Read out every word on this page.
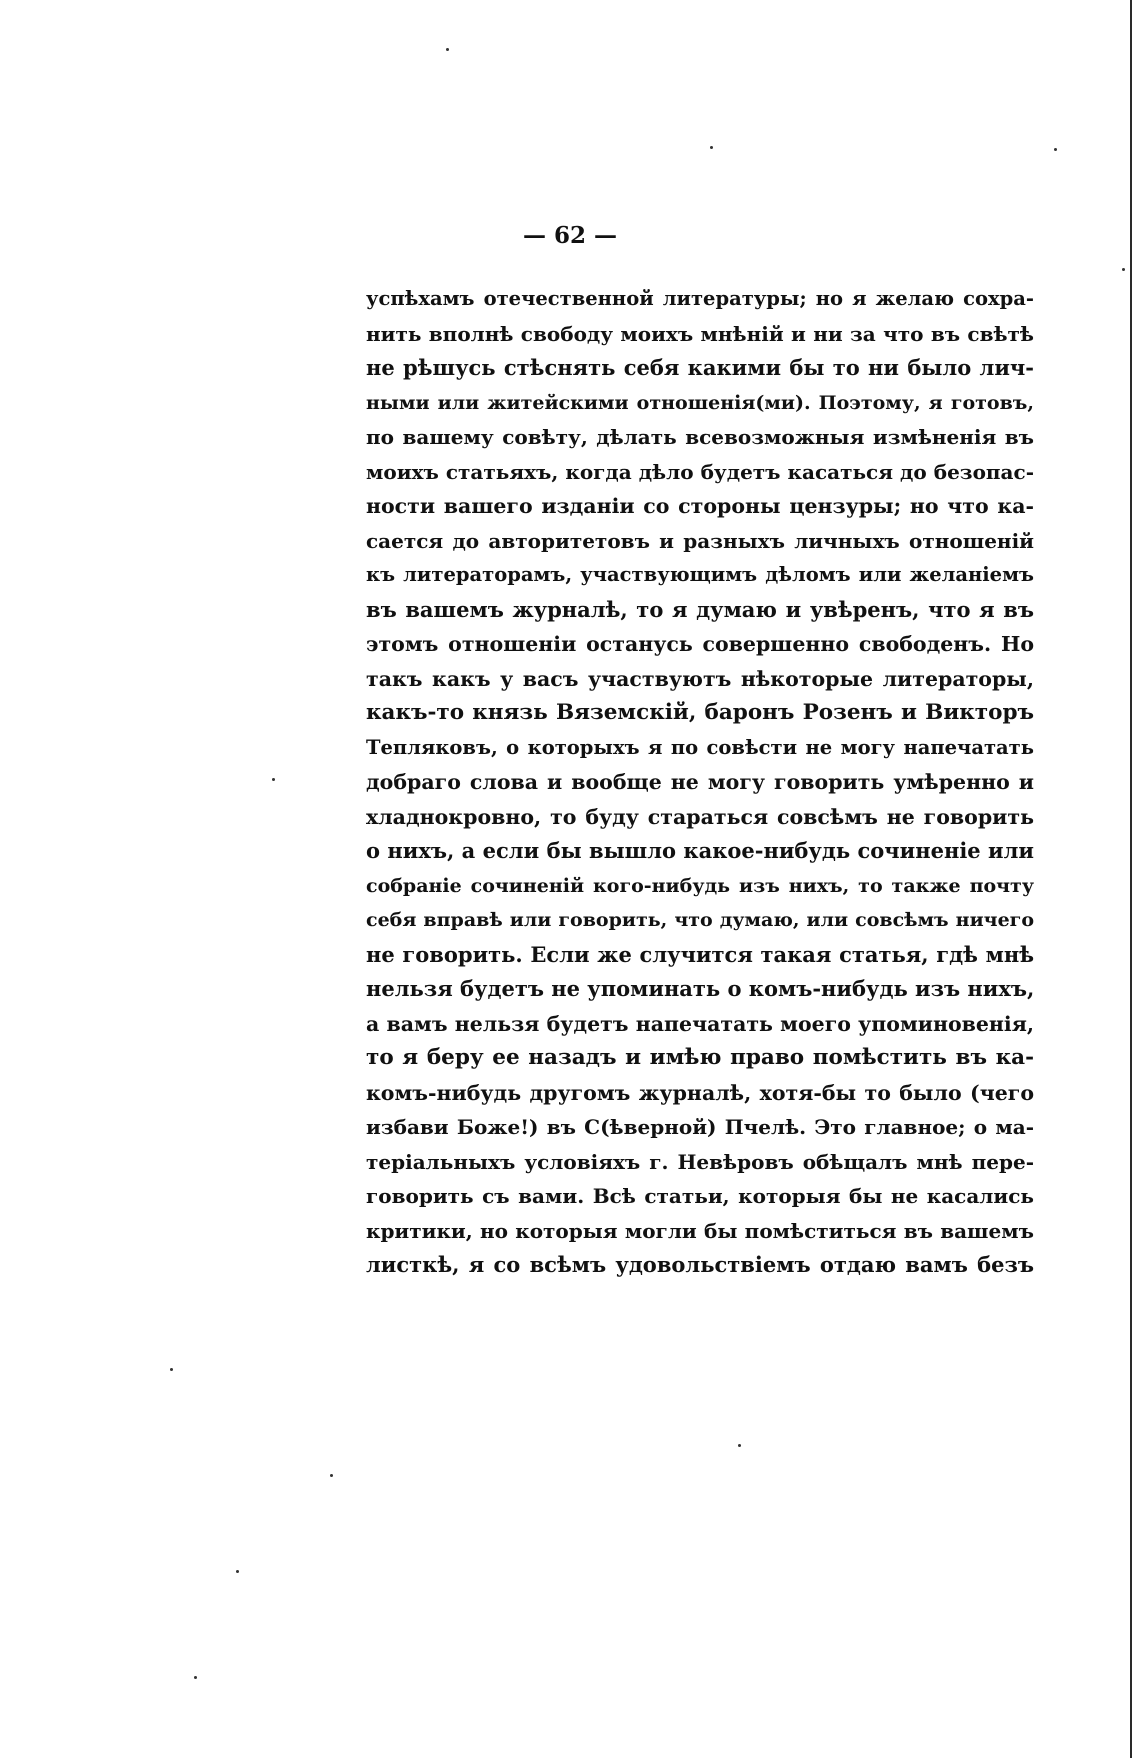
— 62 —
успѣхамъ отечественной литературы; но я желаю сохра-
нить вполнѣ свободу моихъ мнѣній и ни за что въ свѣтѣ
не рѣшусь стѣснять себя какими бы то ни было лич-
ными или житейскими отношенія(ми). Поэтому, я готовъ,
по вашему совѣту, дѣлать всевозможныя измѣненія въ
моихъ статьяхъ, когда дѣло будетъ касаться до безопас-
ности вашего изданіи со стороны цензуры; но что ка-
сается до авторитетовъ и разныхъ личныхъ отношеній
къ литераторамъ, участвующимъ дѣломъ или желаніемъ
въ вашемъ журналѣ, то я думаю и увѣренъ, что я въ
этомъ отношеніи останусь совершенно свободенъ. Но
такъ какъ у васъ участвуютъ нѣкоторые литераторы,
какъ-то князь Вяземскій, баронъ Розенъ и Викторъ
Тепляковъ, о которыхъ я по совѣсти не могу напечатать
добраго слова и вообще не могу говорить умѣренно и
хладнокровно, то буду стараться совсѣмъ не говорить
о нихъ, а если бы вышло какое-нибудь сочиненіе или
собраніе сочиненій кого-нибудь изъ нихъ, то также почту
себя вправѣ или говорить, что думаю, или совсѣмъ ничего
не говорить. Если же случится такая статья, гдѣ мнѣ
нельзя будетъ не упоминать о комъ-нибудь изъ нихъ,
а вамъ нельзя будетъ напечатать моего упоминовенія,
то я беру ее назадъ и имѣю право помѣстить въ ка-
комъ-нибудь другомъ журналѣ, хотя-бы то было (чего
избави Боже!) въ С(ѣверной) Пчелѣ. Это главное; о ма-
теріальныхъ условіяхъ г. Невѣровъ обѣщалъ мнѣ пере-
говорить съ вами. Всѣ статьи, которыя бы не касались
критики, но которыя могли бы помѣститься въ вашемъ
листкѣ, я со всѣмъ удовольствіемъ отдаю вамъ безъ
